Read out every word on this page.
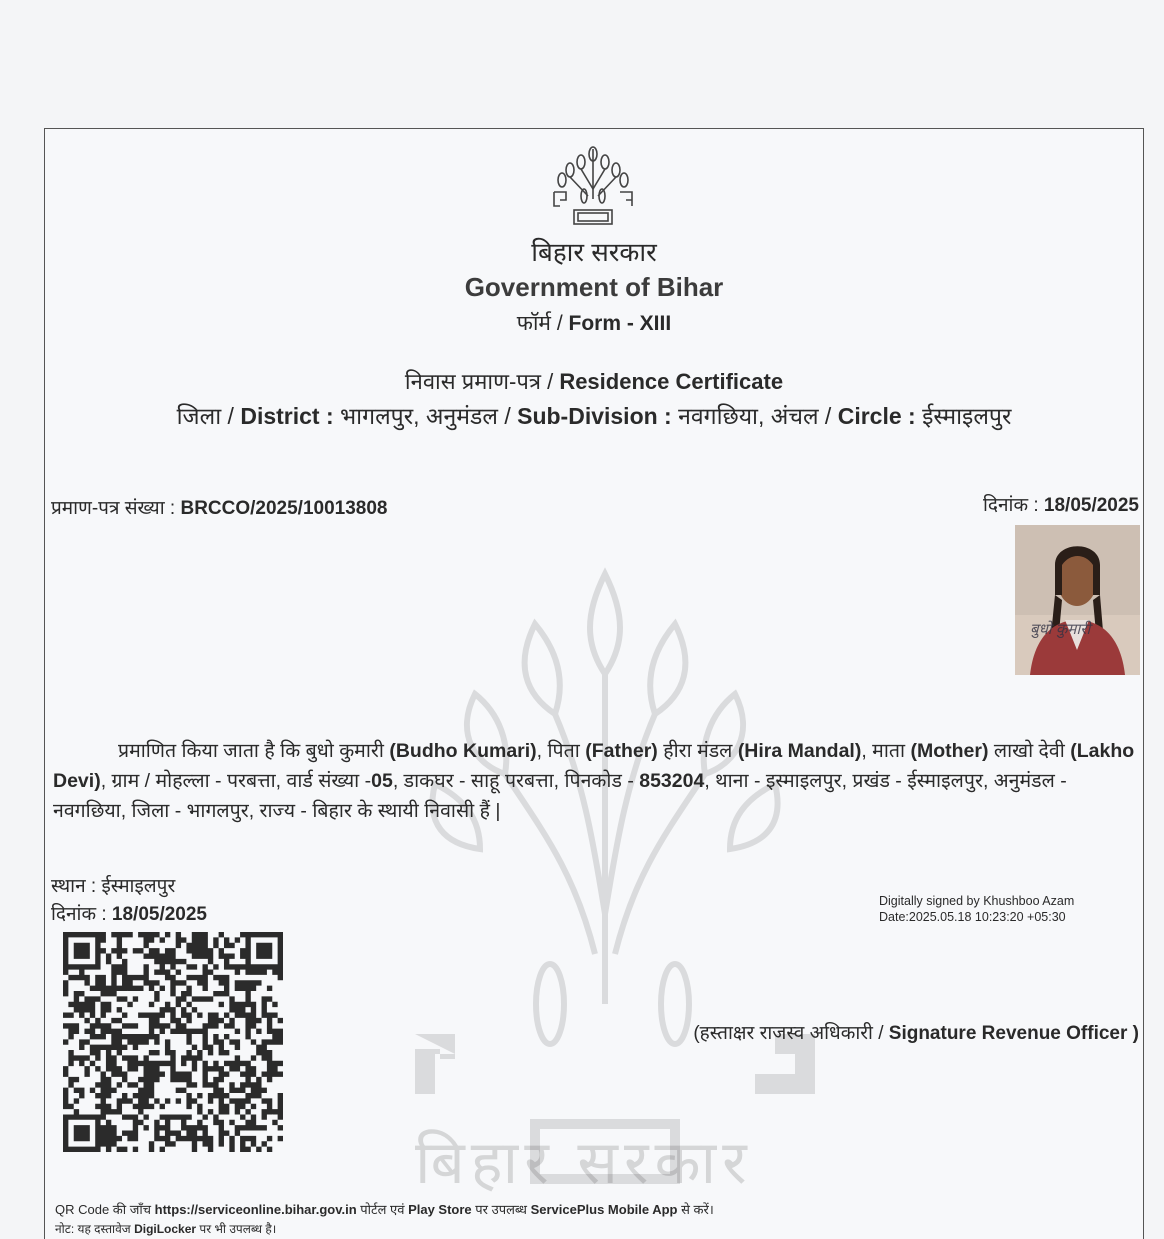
बिहार सरकार
बिहार सरकार
Government of Bihar
फॉर्म / Form - XIII
निवास प्रमाण-पत्र / Residence Certificate
जिला / District : भागलपुर, अनुमंडल / Sub-Division : नवगछिया, अंचल / Circle : ईस्माइलपुर
प्रमाण-पत्र संख्या : BRCCO/2025/10013808	दिनांक : 18/05/2025
बुधो कुमारी
प्रमाणित किया जाता है कि बुधो कुमारी (Budho Kumari), पिता (Father) हीरा मंडल (Hira Mandal), माता (Mother) लाखो देवी (Lakho Devi), ग्राम / मोहल्ला - परबत्ता, वार्ड संख्या -05, डाकघर - साहू परबत्ता, पिनकोड - 853204, थाना - इस्माइलपुर, प्रखंड - ईस्माइलपुर, अनुमंडल - नवगछिया, जिला - भागलपुर, राज्य - बिहार के स्थायी निवासी हैं |
स्थान : ईस्माइलपुर
दिनांक : 18/05/2025
Digitally signed by Khushboo Azam
Date:2025.05.18 10:23:20 +05:30
(हस्ताक्षर राजस्व अधिकारी / Signature Revenue Officer )
QR Code की जाँच https://serviceonline.bihar.gov.in पोर्टल एवं Play Store पर उपलब्ध ServicePlus Mobile App से करें।
नोट: यह दस्तावेज DigiLocker पर भी उपलब्ध है।
